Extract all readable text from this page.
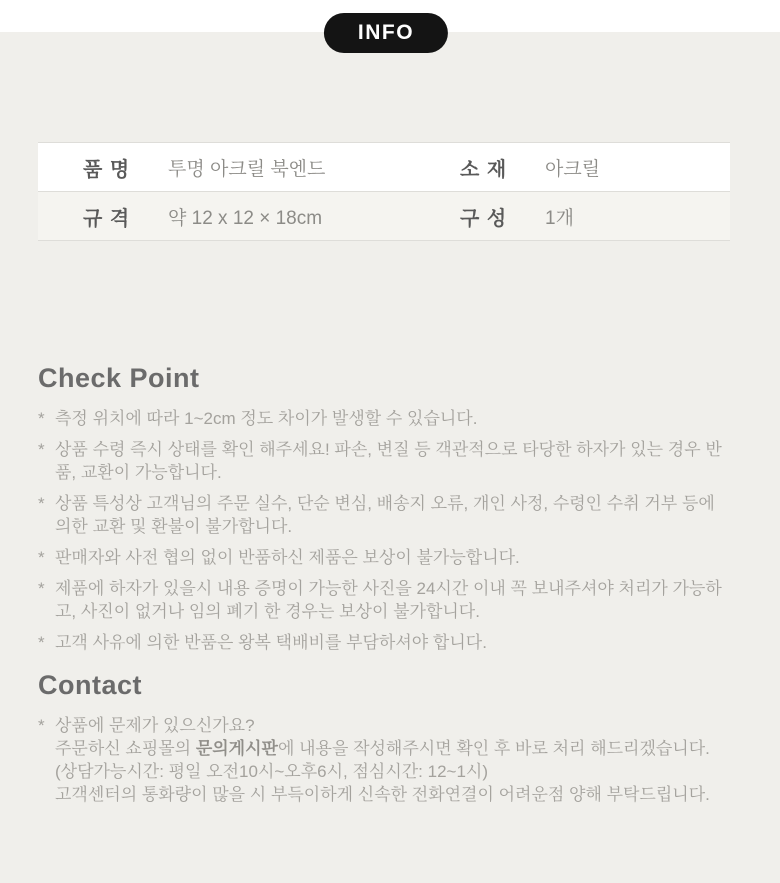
INFO
품 명	투명 아크릴 북엔드	소 재	아크릴
규 격	약 12 x 12 × 18cm	구 성	1개
Check Point
* 측정 위치에 따라 1~2cm 정도 차이가 발생할 수 있습니다.
* 상품 수령 즉시 상태를 확인 해주세요! 파손, 변질 등 객관적으로 타당한 하자가 있는 경우 반품, 교환이 가능합니다.
* 상품 특성상 고객님의 주문 실수, 단순 변심, 배송지 오류, 개인 사정, 수령인 수취 거부 등에 의한 교환 및 환불이 불가합니다.
* 판매자와 사전 협의 없이 반품하신 제품은 보상이 불가능합니다.
* 제품에 하자가 있을시 내용 증명이 가능한 사진을 24시간 이내 꼭 보내주셔야 처리가 가능하고, 사진이 없거나 임의 폐기 한 경우는 보상이 불가합니다.
* 고객 사유에 의한 반품은 왕복 택배비를 부담하셔야 합니다.
Contact
* 상품에 문제가 있으신가요?
주문하신 쇼핑몰의 문의게시판에 내용을 작성해주시면 확인 후 바로 처리 해드리겠습니다.
(상담가능시간: 평일 오전10시~오후6시, 점심시간: 12~1시)
고객센터의 통화량이 많을 시 부득이하게 신속한 전화연결이 어려운점 양해 부탁드립니다.
